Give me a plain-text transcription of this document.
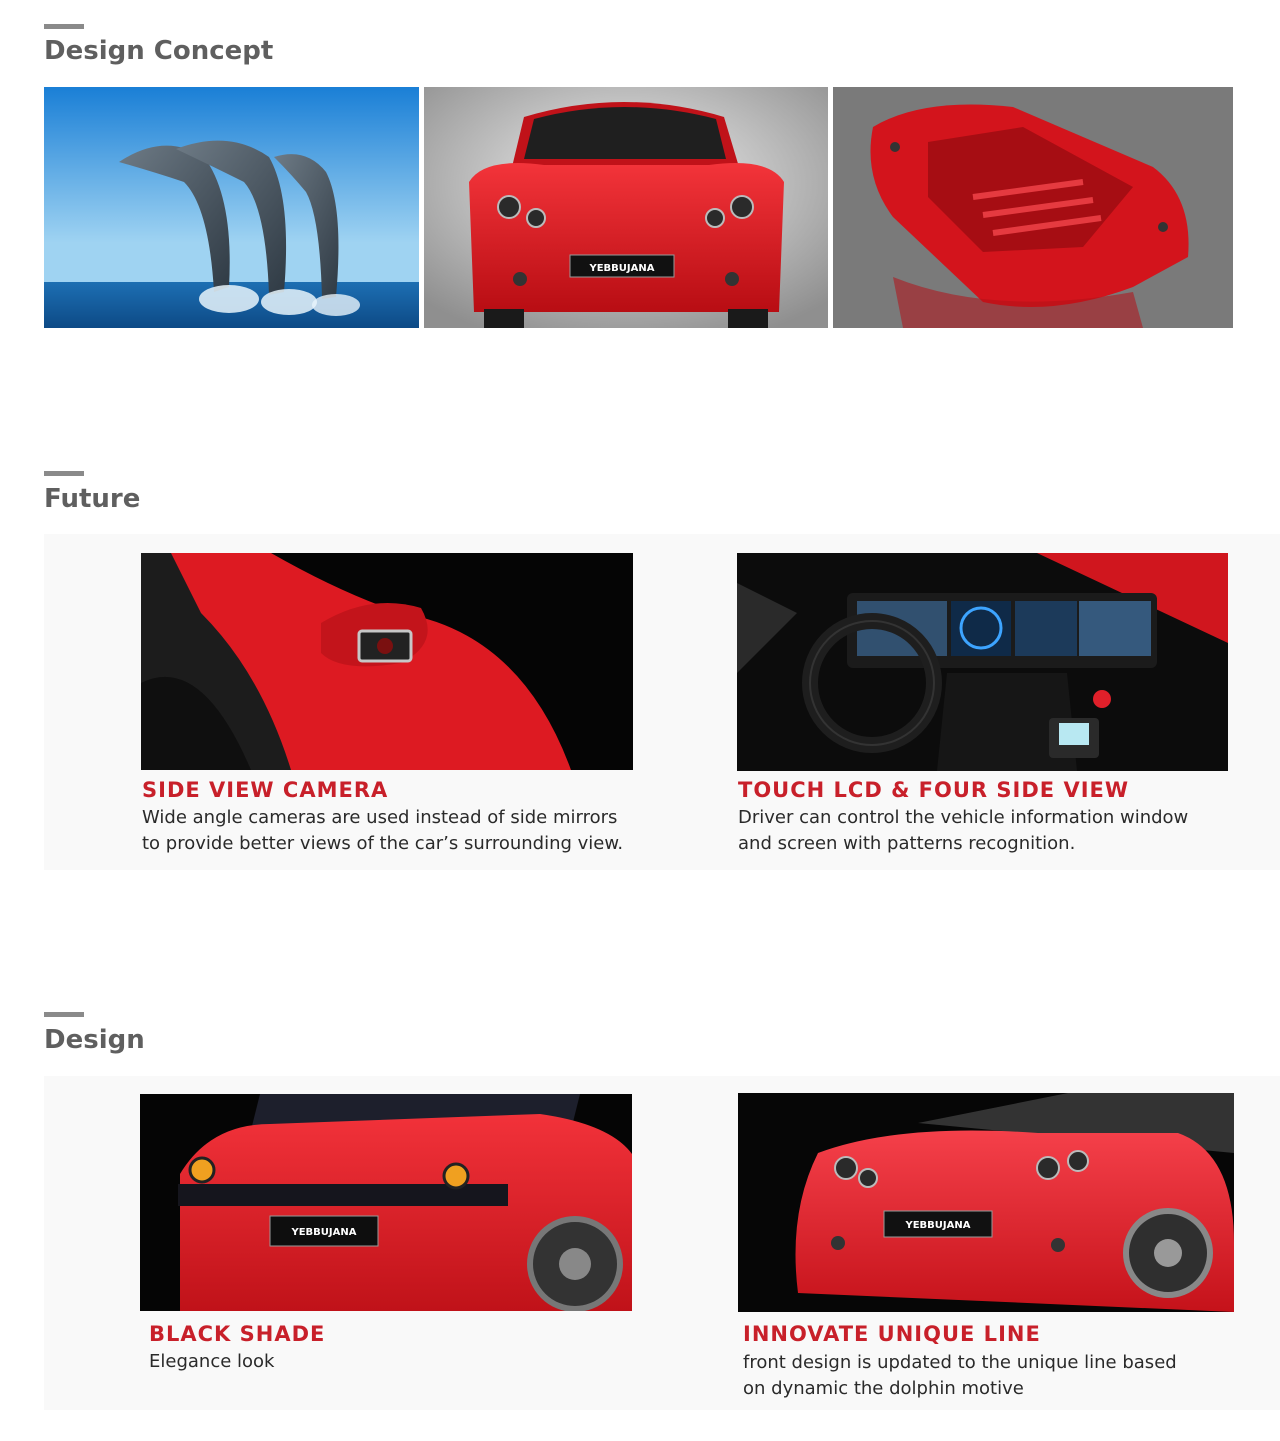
Design Concept
YEBBUJANA
Future
SIDE VIEW CAMERA

Wide angle cameras are used instead of side mirrors
to provide better views of the car’s surrounding view.

TOUCH LCD & FOUR SIDE VIEW

Driver can control the vehicle information window
and screen with patterns recognition.

Design
YEBBUJANA
BLACK SHADE

Elegance look

YEBBUJANA
INNOVATE UNIQUE LINE

front design is updated to the unique line based
on dynamic the dolphin motive
